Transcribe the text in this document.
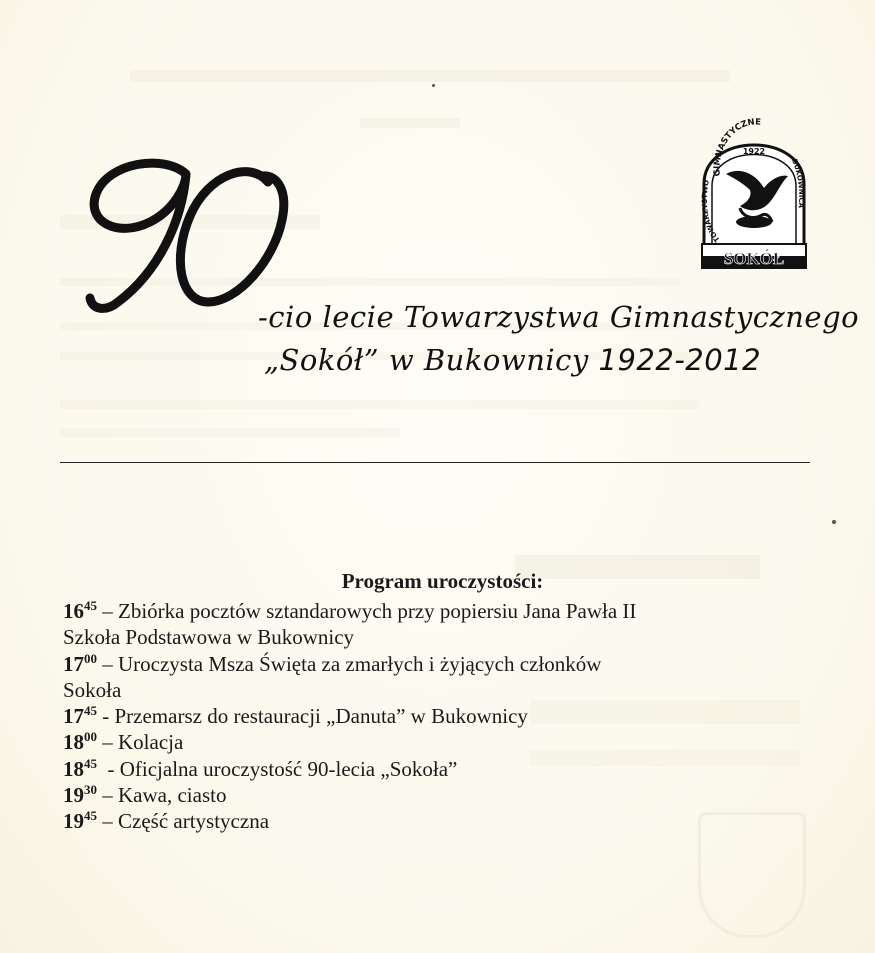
-cio lecie Towarzystwa Gimnastycznego
„Sokół” w Bukownicy 1922-2012
GIMNASTYCZNE
TOWARZYSTWO
BUKOWNICA
1922
SOKÓŁ
Program uroczystości:
$16^{45}$ – Zbiórka pocztów sztandarowych przy popiersiu Jana Pawła II
Szkoła Podstawowa w Bukownicy
$17^{00}$ – Uroczysta Msza Święta za zmarłych i żyjących członków
Sokoła
$17^{45}$ - Przemarsz do restauracji „Danuta” w Bukownicy
$18^{00}$ – Kolacja
$18^{45}$  - Oficjalna uroczystość 90-lecia „Sokoła”
$19^{30}$ – Kawa, ciasto
$19^{45}$ – Część artystyczna
